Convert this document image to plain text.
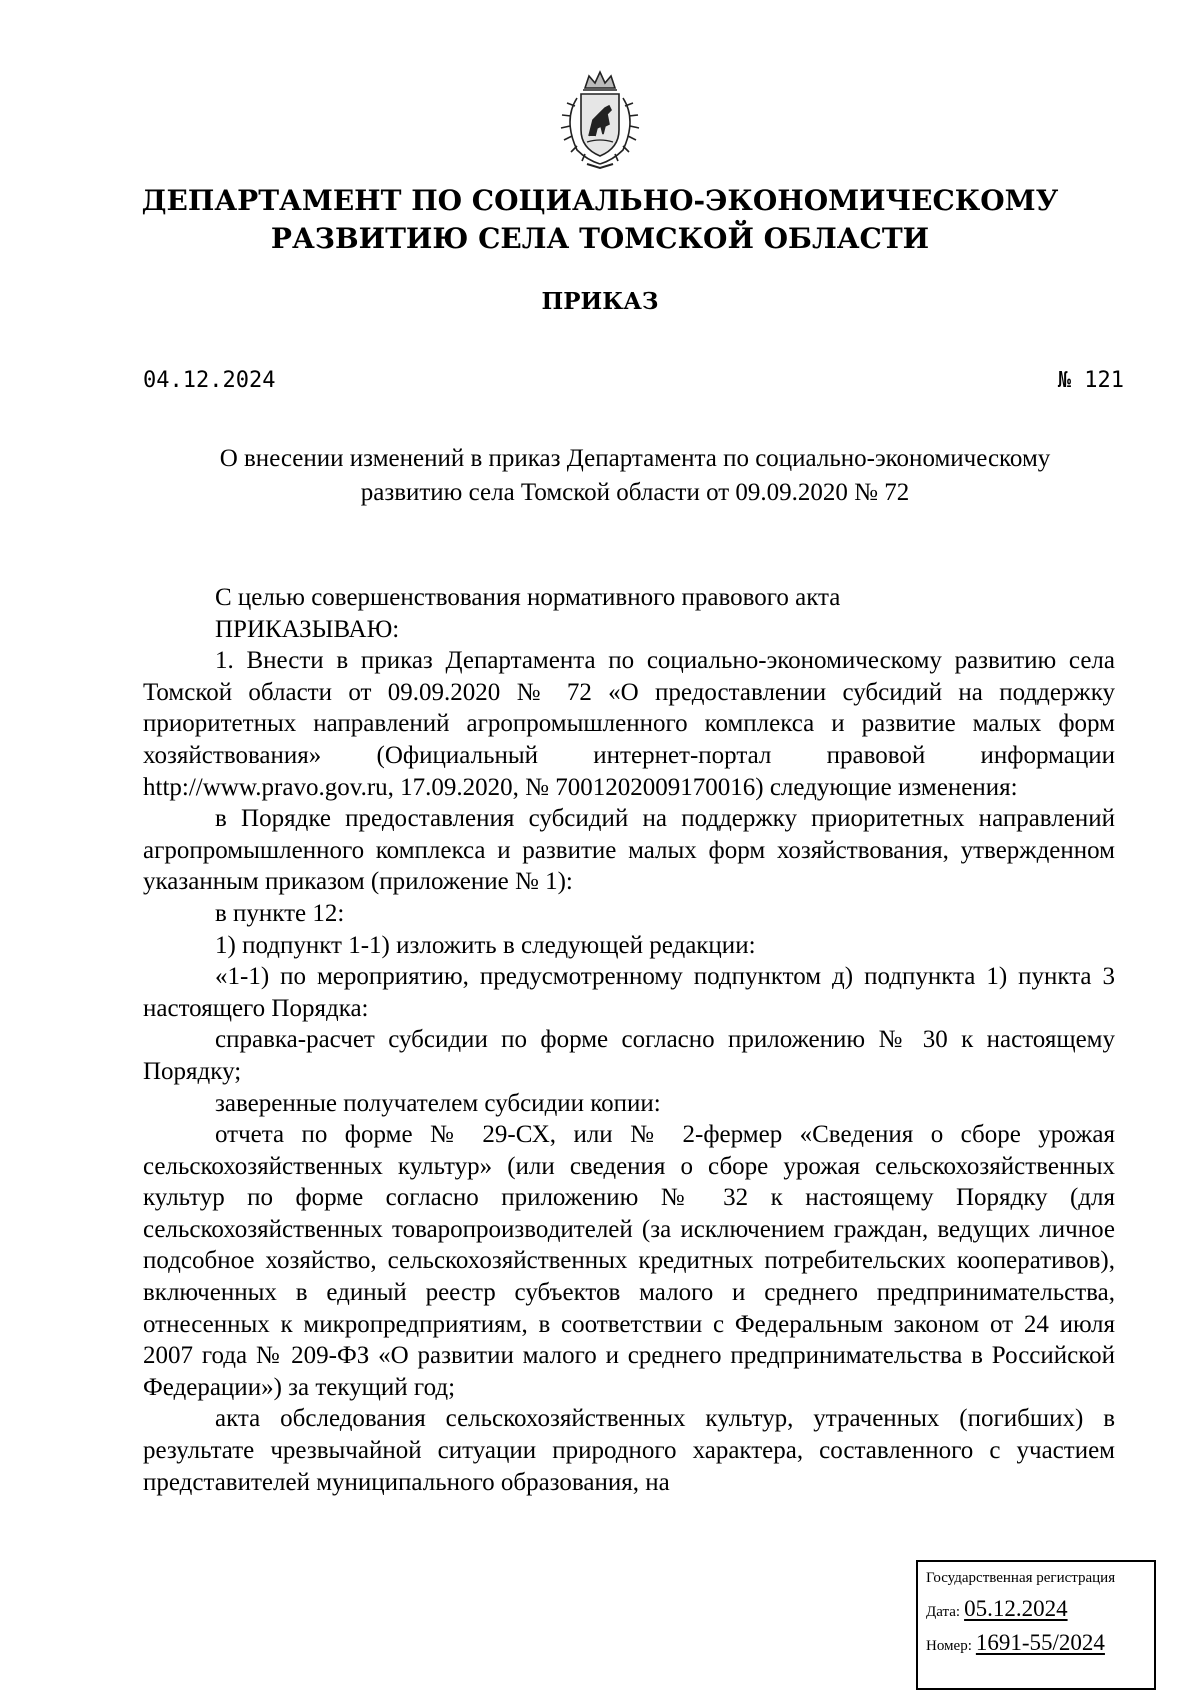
ДЕПАРТАМЕНТ ПО СОЦИАЛЬНО-ЭКОНОМИЧЕСКОМУ
РАЗВИТИЮ СЕЛА ТОМСКОЙ ОБЛАСТИ
ПРИКАЗ
04.12.2024	№ 121
О внесении изменений в приказ Департамента по социально-экономическому
развитию села Томской области от 09.09.2020 № 72

С целью совершенствования нормативного правового акта

ПРИКАЗЫВАЮ:

1. Внести в приказ Департамента по социально-экономическому развитию села Томской области от 09.09.2020 № 72 «О предоставлении субсидий на поддержку приоритетных направлений агропромышленного комплекса и развитие малых форм хозяйствования» (Официальный интернет-портал правовой информации http://www.pravo.gov.ru, 17.09.2020, № 7001202009170016) следующие изменения:

в Порядке предоставления субсидий на поддержку приоритетных направлений агропромышленного комплекса и развитие малых форм хозяйствования, утвержденном указанным приказом (приложение № 1):

в пункте 12:

1) подпункт 1-1) изложить в следующей редакции:

«1-1) по мероприятию, предусмотренному подпунктом д) подпункта 1) пункта 3 настоящего Порядка:

справка-расчет субсидии по форме согласно приложению № 30 к настоящему Порядку;

заверенные получателем субсидии копии:

отчета по форме № 29-СХ, или № 2-фермер «Сведения о сборе урожая сельскохозяйственных культур» (или сведения о сборе урожая сельскохозяйственных культур по форме согласно приложению № 32 к настоящему Порядку (для сельскохозяйственных товаропроизводителей (за исключением граждан, ведущих личное подсобное хозяйство, сельскохозяйственных кредитных потребительских кооперативов), включенных в единый реестр субъектов малого и среднего предпринимательства, отнесенных к микропредприятиям, в соответствии с Федеральным законом от 24 июля 2007 года № 209-ФЗ «О развитии малого и среднего предпринимательства в Российской Федерации») за текущий год;

акта обследования сельскохозяйственных культур, утраченных (погибших) в результате чрезвычайной ситуации природного характера, составленного с участием представителей муниципального образования, на

Государственная регистрация
Дата: 05.12.2024
Номер: 1691-55/2024
